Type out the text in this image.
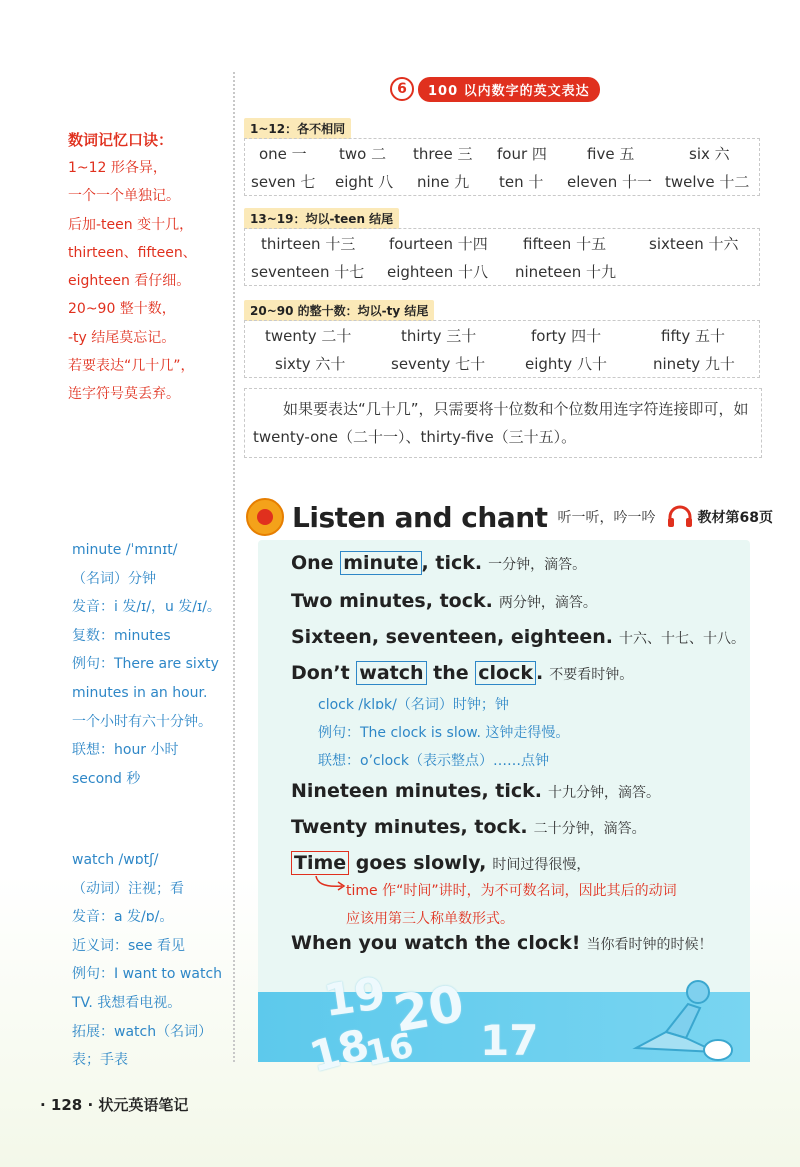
数词记忆口诀：

1~12 形各异，

一个一个单独记。

后加-teen 变十几，

thirteen、fifteen、

eighteen 看仔细。

20~90 整十数，

-ty 结尾莫忘记。

若要表达“几十几”，

连字符号莫丢弃。

minute /ˈmɪnɪt/

（名词）分钟

发音：i 发/ɪ/，u 发/ɪ/。

复数：minutes

例句：There are sixty

minutes in an hour.

一个小时有六十分钟。

联想：hour 小时

second 秒

watch /wɒtʃ/

（动词）注视；看

发音：a 发/ɒ/。

近义词：see 看见

例句：I want to watch

TV. 我想看电视。

拓展：watch（名词）

表；手表

· 128 · 状元英语笔记
6	100 以内数字的英文表达
1~12：各不相同
one 一 two 二 three 三 four 四	five 五	six 六
seven 七 eight 八 nine 九 ten 十 eleven 十一 twelve 十二
13~19：均以-teen 结尾
thirteen 十三 fourteen 十四 fifteen 十五	sixteen 十六
seventeen 十七 eighteen 十八 nineteen 十九
20~90 的整十数：均以-ty 结尾
twenty 二十	thirty 三十	forty 四十	fifty 五十
sixty 六十	seventy 七十	eighty 八十	ninety 九十
如果要表达“几十几”，只需要将十位数和个位数用连字符连接即可，如 twenty-one（二十一）、thirty-five（三十五）。
Listen and chant 听一听，吟一吟	教材第68页
19 20
18
16 17
One minute , tick. 一分钟，滴答。
Two minutes, tock. 两分钟，滴答。
Sixteen, seventeen, eighteen. 十六、十七、十八。
Don’t watch the clock . 不要看时钟。
clock /klɒk/（名词）时钟；钟
例句：The clock is slow. 这钟走得慢。
联想：o’clock（表示整点）……点钟
Nineteen minutes, tick. 十九分钟，滴答。
Twenty minutes, tock. 二十分钟，滴答。
Time goes slowly, 时间过得很慢，
time 作“时间”讲时，为不可数名词，因此其后的动词
应该用第三人称单数形式。
When you watch the clock! 当你看时钟的时候！
